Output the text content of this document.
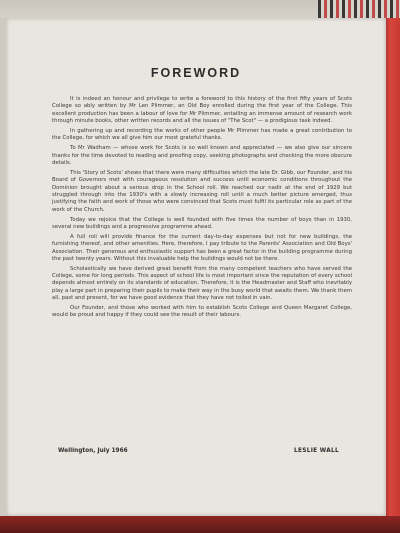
FOREWORD

It is indeed an honour and privilege to write a foreword to this history of the first fifty years of Scots College so ably written by Mr Len Plimmer, an Old Boy enrolled during the first year of the College. This excellent production has been a labour of love for Mr Plimmer, entailing an immense amount of research work through minute books, other written records and all the issues of "The Scot" — a prodigious task indeed.

In gathering up and recording the works of other people Mr Plimmer has made a great contribution to the College, for which we all give him our most grateful thanks.

To Mr Wadham — whose work for Scots is so well known and appreciated — we also give our sincere thanks for the time devoted to reading and proofing copy, seeking photographs and checking the more obscure details.

This 'Story of Scots' shows that there were many difficulties which the late Dr. Gibb, our Founder, and his Board of Governors met with courageous resolution and success until economic conditions throughout the Dominion brought about a serious drop in the School roll. We reached our nadir at the end of 1929 but struggled through into the 1930's with a slowly increasing roll until a much better picture emerged, thus justifying the faith and work of those who were convinced that Scots must fulfil its particular role as part of the work of the Church.

Today we rejoice that the College is well founded with five times the number of boys than in 1930, several new buildings and a progressive programme ahead.

A full roll will provide finance for the current day-to-day expenses but not for new buildings, the furnishing thereof, and other amenities. Here, therefore, I pay tribute to the Parents' Association and Old Boys' Association. Their generous and enthusiastic support has been a great factor in the building programme during the past twenty years. Without this invaluable help the buildings would not be there.

Scholastically we have derived great benefit from the many competent teachers who have served the College, some for long periods. This aspect of school life is most important since the reputation of every school depends almost entirely on its standards of education. Therefore, it is the Headmaster and Staff who inevitably play a large part in preparing their pupils to make their way in the busy world that awaits them. We thank them all, past and present, for we have good evidence that they have not toiled in vain.

Our Founder, and those who worked with him to establish Scots College and Queen Margaret College, would be proud and happy if they could see the result of their labours.

Wellington, July 1966	LESLIE WALL
